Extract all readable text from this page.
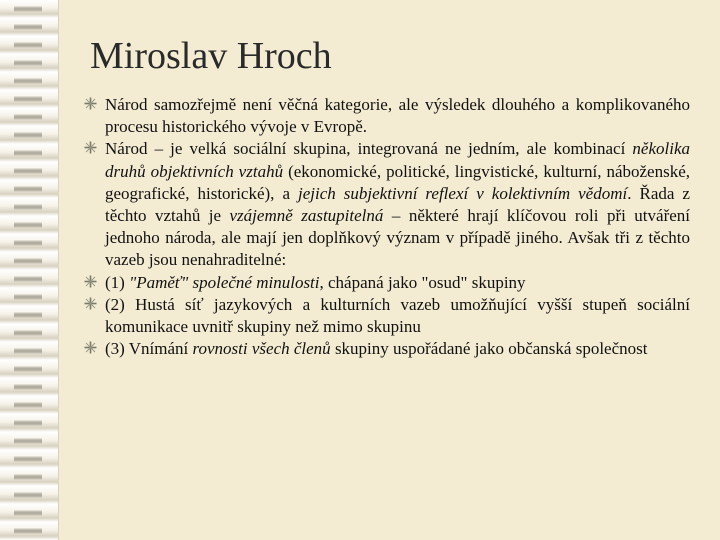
Miroslav Hroch
Národ samozřejmě není věčná kategorie, ale výsledek dlouhého a komplikovaného procesu historického vývoje v Evropě.
Národ – je velká sociální skupina, integrovaná ne jedním, ale kombinací několika druhů objektivních vztahů (ekonomické, politické, lingvistické, kulturní, náboženské, geografické, historické), a jejich subjektivní reflexí v kolektivním vědomí. Řada z těchto vztahů je vzájemně zastupitelná – některé hrají klíčovou roli při utváření jednoho národa, ale mají jen doplňkový význam v případě jiného. Avšak tři z těchto vazeb jsou nenahraditelné:
(1) "Paměť" společné minulosti, chápaná jako "osud" skupiny
(2) Hustá síť jazykových a kulturních vazeb umožňující vyšší stupeň sociální komunikace uvnitř skupiny než mimo skupinu
(3) Vnímání rovnosti všech členů skupiny uspořádané jako občanská společnost
